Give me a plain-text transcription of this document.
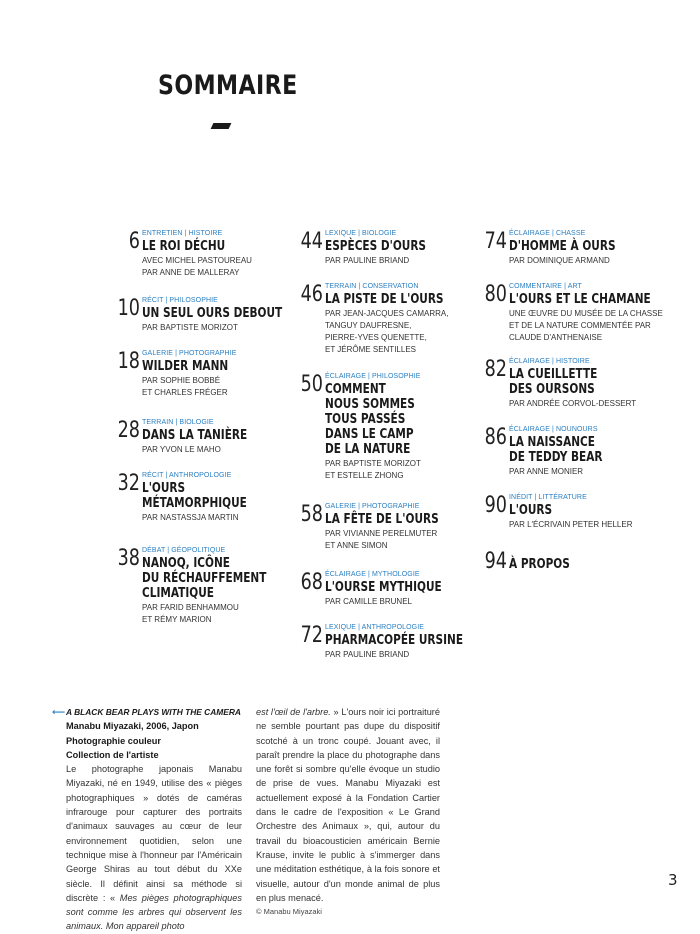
SOMMAIRE
6 ENTRETIEN | HISTOIRE
LE ROI DÉCHU
AVEC MICHEL PASTOUREAU
PAR ANNE DE MALLERAY
10 RÉCIT | PHILOSOPHIE
UN SEUL OURS DEBOUT
PAR BAPTISTE MORIZOT
18 GALERIE | PHOTOGRAPHIE
WILDER MANN
PAR SOPHIE BOBBÉ
ET CHARLES FRÉGER
28 TERRAIN | BIOLOGIE
DANS LA TANIÈRE
PAR YVON LE MAHO
32 RÉCIT | ANTHROPOLOGIE
L'OURS
MÉTAMORPHIQUE
PAR NASTASSJA MARTIN
38 DÉBAT | GÉOPOLITIQUE
NANOQ, ICÔNE
DU RÉCHAUFFEMENT
CLIMATIQUE
PAR FARID BENHAMMOU
ET RÉMY MARION
44 LEXIQUE | BIOLOGIE
ESPÈCES D'OURS
PAR PAULINE BRIAND
46 TERRAIN | CONSERVATION
LA PISTE DE L'OURS
PAR JEAN-JACQUES CAMARRA,
TANGUY DAUFRESNE,
PIERRE-YVES QUENETTE,
ET JÉRÔME SENTILLES
50 ÉCLAIRAGE | PHILOSOPHIE
COMMENT
NOUS SOMMES
TOUS PASSÉS
DANS LE CAMP
DE LA NATURE
PAR BAPTISTE MORIZOT
ET ESTELLE ZHONG
58 GALERIE | PHOTOGRAPHIE
LA FÊTE DE L'OURS
PAR VIVIANNE PERELMUTER
ET ANNE SIMON
68 ÉCLAIRAGE | MYTHOLOGIE
L'OURSE MYTHIQUE
PAR CAMILLE BRUNEL
72 LEXIQUE | ANTHROPOLOGIE
PHARMACOPÉE URSINE
PAR PAULINE BRIAND
74 ÉCLAIRAGE | CHASSE
D'HOMME À OURS
PAR DOMINIQUE ARMAND
80 COMMENTAIRE | ART
L'OURS ET LE CHAMANE
UNE ŒUVRE DU MUSÉE DE LA CHASSE
ET DE LA NATURE COMMENTÉE PAR
CLAUDE D'ANTHENAISE
82 ÉCLAIRAGE | HISTOIRE
LA CUEILLETTE
DES OURSONS
PAR ANDRÉE CORVOL-DESSERT
86 ÉCLAIRAGE | NOUNOURS
LA NAISSANCE
DE TEDDY BEAR
PAR ANNE MONIER
90 INÉDIT | LITTÉRATURE
L'OURS
PAR L'ÉCRIVAIN PETER HELLER
94 À PROPOS
⟵ A BLACK BEAR PLAYS WITH THE CAMERA
Manabu Miyazaki, 2006, Japon
Photographie couleur
Collection de l'artiste
Le photographe japonais Manabu Miyazaki, né en 1949, utilise des « pièges photographiques » dotés de caméras infrarouge pour capturer des portraits d'animaux sauvages au cœur de leur environnement quotidien, selon une technique mise à l'honneur par l'Américain George Shiras au tout début du XXe siècle. Il définit ainsi sa méthode si discrète : « Mes pièges photographiques sont comme les arbres qui observent les animaux. Mon appareil photo
est l'œil de l'arbre. » L'ours noir ici portraituré ne semble pourtant pas dupe du dispositif scotché à un tronc coupé. Jouant avec, il paraît prendre la place du photographe dans une forêt si sombre qu'elle évoque un studio de prise de vues. Manabu Miyazaki est actuellement exposé à la Fondation Cartier dans le cadre de l'exposition « Le Grand Orchestre des Animaux », qui, autour du travail du bioacousticien américain Bernie Krause, invite le public à s'immerger dans une méditation esthétique, à la fois sonore et visuelle, autour d'un monde animal de plus en plus menacé.
© Manabu Miyazaki
3
